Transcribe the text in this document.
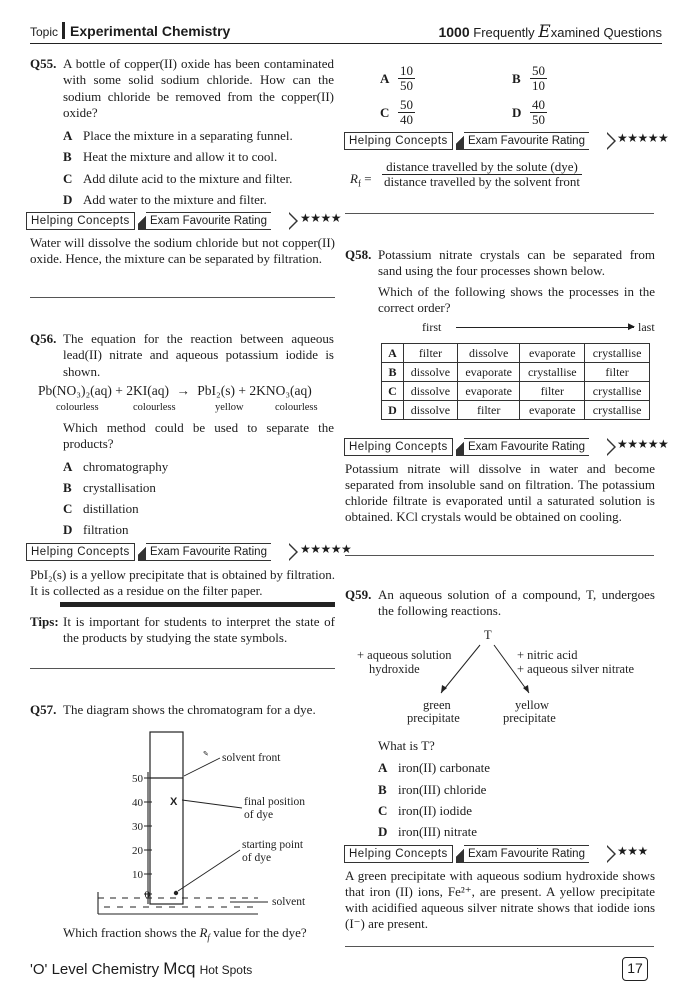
Topic Experimental Chemistry	1000 Frequently Examined Questions
Q55. A bottle of copper(II) oxide has been contaminated with some solid sodium chloride. How can the sodium chloride be removed from the copper(II) oxide?
A Place the mixture in a separating funnel.
B Heat the mixture and allow it to cool.
C Add dilute acid to the mixture and filter.
D Add water to the mixture and filter.
Helping Concepts	Exam Favourite Rating	★★★★
Water will dissolve the sodium chloride but not copper(II) oxide. Hence, the mixture can be separated by filtration.
Q56. The equation for the reaction between aqueous lead(II) nitrate and aqueous potassium iodide is shown.
Pb(NO₃)₂(aq) + 2KI(aq) → PbI₂(s) + 2KNO₃(aq)
colourless	colourless	yellow	colourless
Which method could be used to separate the products?
A chromatography
B crystallisation
C distillation
D filtration
Helping Concepts	Exam Favourite Rating	★★★★★
PbI₂(s) is a yellow precipitate that is obtained by filtration. It is collected as a residue on the filter paper.
Tips: It is important for students to interpret the state of the products by studying the state symbols.
Q57. The diagram shows the chromatogram for a dye.
50
40
30
20
10
0
X
✎ solvent front
final position
of dye
starting point
of dye
solvent
Which fraction shows the $R_f$ value for the dye?
A $\frac{10}{50}$	B $\frac{50}{10}$
C $\frac{50}{40}$	D $\frac{40}{50}$
Helping Concepts	Exam Favourite Rating	★★★★★
$R_f$ =
distance travelled by the solute (dye)
distance travelled by the solvent front
Q58. Potassium nitrate crystals can be separated from sand using the four processes shown below.
Which of the following shows the processes in the correct order?
first	▶ last
A	filter	dissolve	evaporate	crystallise
B	dissolve	evaporate	crystallise	filter
C	dissolve	evaporate	filter	crystallise
D	dissolve	filter	evaporate	crystallise
Helping Concepts	Exam Favourite Rating	★★★★★
Potassium nitrate will dissolve in water and become separated from insoluble sand on filtration. The potassium chloride filtrate is evaporated until a saturated solution is obtained. KCl crystals would be obtained on cooling.
Q59. An aqueous solution of a compound, T, undergoes the following reactions.
T
+ aqueous solution
hydroxide
+ nitric acid
+ aqueous silver nitrate
green
precipitate
yellow
precipitate
What is T?
A iron(II) carbonate
B iron(III) chloride
C iron(II) iodide
D iron(III) nitrate
Helping Concepts	Exam Favourite Rating	★★★
A green precipitate with aqueous sodium hydroxide shows that iron (II) ions, Fe²⁺, are present. A yellow precipitate with acidified aqueous silver nitrate shows that iodide ions (I⁻) are present.
'O' Level Chemistry Mcq Hot Spots	17
